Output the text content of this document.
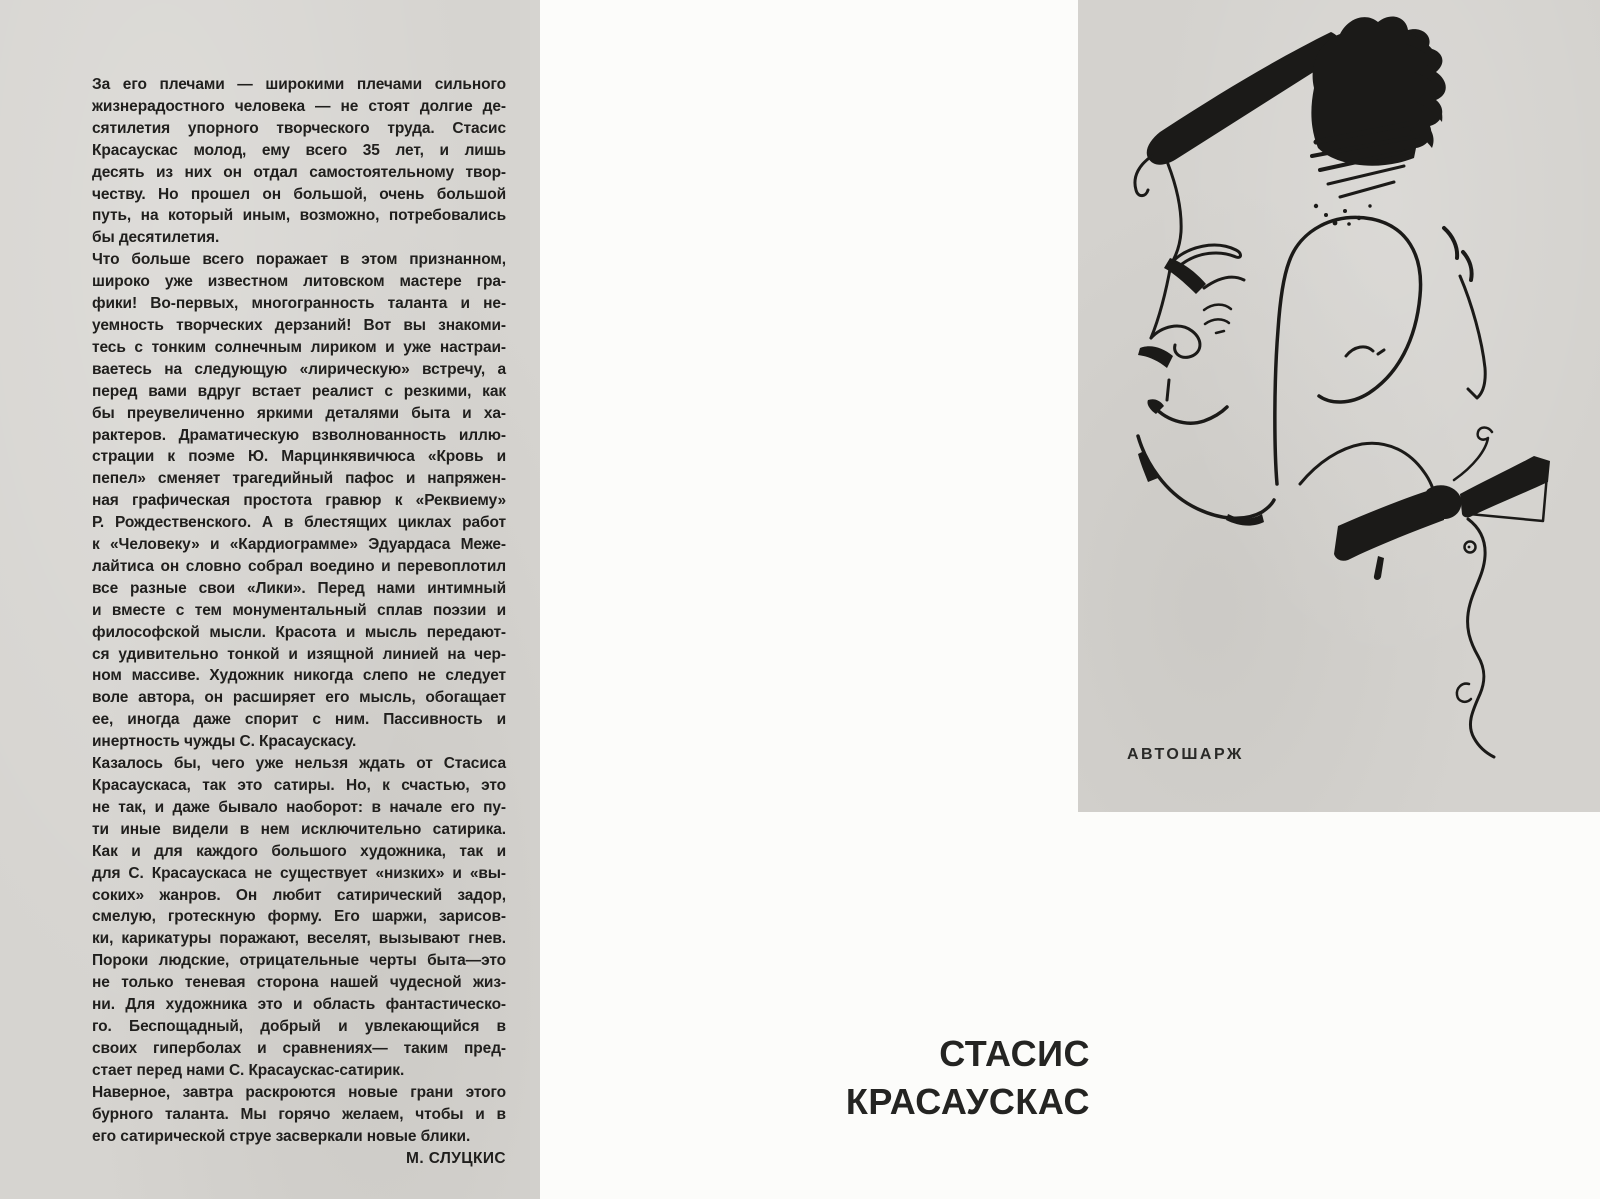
За его плечами — широкими плечами сильного
жизнерадостного человека — не стоят долгие де-
сятилетия упорного творческого труда. Стасис
Красаускас молод, ему всего 35 лет, и лишь
десять из них он отдал самостоятельному твор-
честву. Но прошел он большой, очень большой
путь, на который иным, возможно, потребовались
бы десятилетия.
Что больше всего поражает в этом признанном,
широко уже известном литовском мастере гра-
фики! Во-первых, многогранность таланта и не-
уемность творческих дерзаний! Вот вы знакоми-
тесь с тонким солнечным лириком и уже настраи-
ваетесь на следующую «лирическую» встречу, а
перед вами вдруг встает реалист с резкими, как
бы преувеличенно яркими деталями быта и ха-
рактеров. Драматическую взволнованность иллю-
страции к поэме Ю. Марцинкявичюса «Кровь и
пепел» сменяет трагедийный пафос и напряжен-
ная графическая простота гравюр к «Реквиему»
Р. Рождественского. А в блестящих циклах работ
к «Человеку» и «Кардиограмме» Эдуардаса Меже-
лайтиса он словно собрал воедино и перевоплотил
все разные свои «Лики». Перед нами интимный
и вместе с тем монументальный сплав поэзии и
философской мысли. Красота и мысль передают-
ся удивительно тонкой и изящной линией на чер-
ном массиве. Художник никогда слепо не следует
воле автора, он расширяет его мысль, обогащает
ее, иногда даже спорит с ним. Пассивность и
инертность чужды С. Красаускасу.
Казалось бы, чего уже нельзя ждать от Стасиса
Красаускаса, так это сатиры. Но, к счастью, это
не так, и даже бывало наоборот: в начале его пу-
ти иные видели в нем исключительно сатирика.
Как и для каждого большого художника, так и
для С. Красаускаса не существует «низких» и «вы-
соких» жанров. Он любит сатирический задор,
смелую, гротескную форму. Его шаржи, зарисов-
ки, карикатуры поражают, веселят, вызывают гнев.
Пороки людские, отрицательные черты быта—это
не только теневая сторона нашей чудесной жиз-
ни. Для художника это и область фантастическо-
го. Беспощадный, добрый и увлекающийся в
своих гиперболах и сравнениях— таким пред-
стает перед нами С. Красаускас-сатирик.
Наверное, завтра раскроются новые грани этого
бурного таланта. Мы горячо желаем, чтобы и в
его сатирической струе засверкали новые блики.
М. СЛУЦКИС
АВТОШАРЖ
СТАСИС
КРАСАУСКАС
